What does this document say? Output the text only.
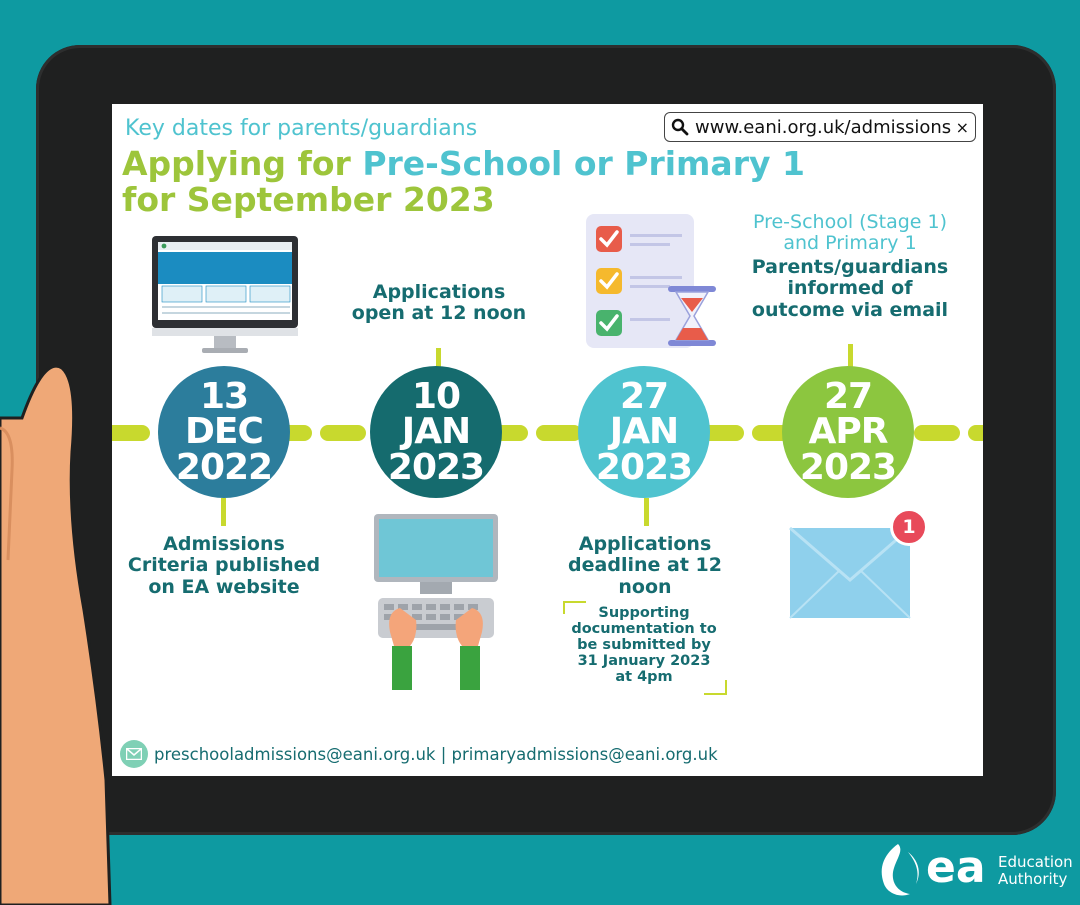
Key dates for parents/guardians
Applying for Pre-School or Primary 1
for September 2023
www.eani.org.uk/admissions ×
13
DEC
2022
10
JAN
2023
27
JAN
2023
27
APR
2023
Admissions Criteria published on EA website
Applications open at 12 noon
Applications deadline at 12 noon
Pre-School (Stage 1) and Primary 1
Parents/guardians informed of outcome via email
Supporting documentation to be submitted by 31 January 2023 at 4pm
1
preschooladmissions@eani.org.uk | primaryadmissions@eani.org.uk
ea Education
Authority
